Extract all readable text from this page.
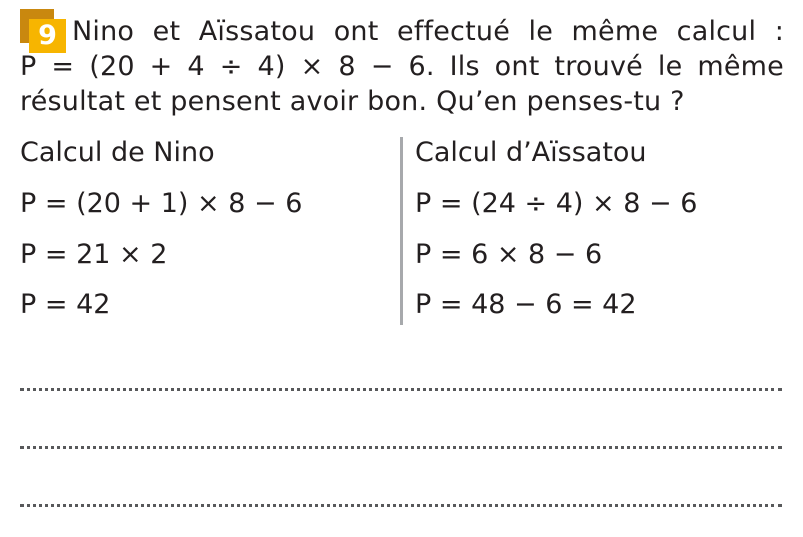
9 Nino et Aïssatou ont effectué le même calcul :
P = (20 + 4 ÷ 4) × 8 − 6. Ils ont trouvé le même
résultat et pensent avoir bon. Qu’en penses-tu ?
Calcul de Nino
P = (20 + 1) × 8 − 6
P = 21 × 2
P = 42
Calcul d’Aïssatou
P = (24 ÷ 4) × 8 − 6
P = 6 × 8 − 6
P = 48 − 6 = 42
